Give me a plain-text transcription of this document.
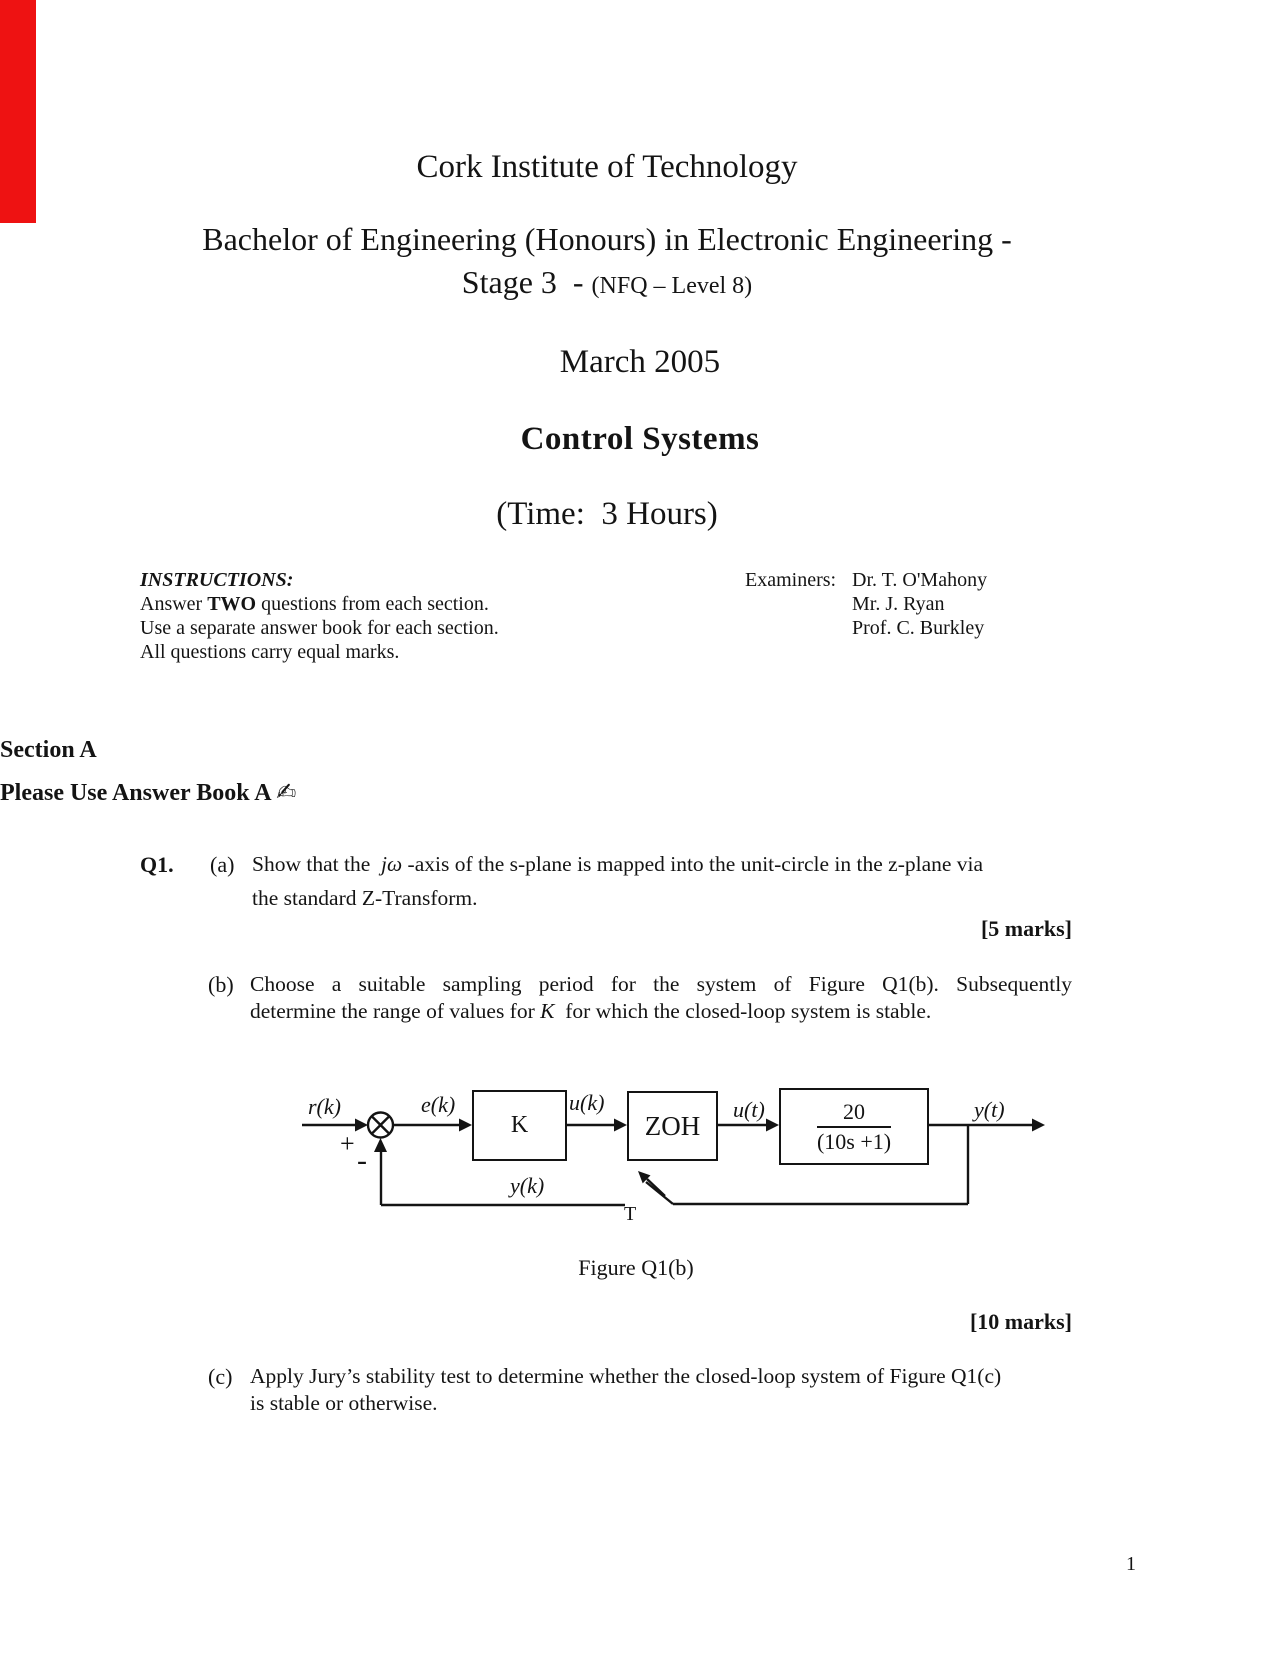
Cork Institute of Technology
Bachelor of Engineering (Honours) in Electronic Engineering -
Stage 3  - (NFQ – Level 8)
March 2005
Control Systems
(Time:  3 Hours)
INSTRUCTIONS:
Answer TWO questions from each section.
Use a separate answer book for each section.
All questions carry equal marks.
Examiners: Dr. T. O'Mahony
Mr. J. Ryan
Prof. C. Burkley
Section A
Please Use Answer Book A ✍
Q1. (a) Show that the  jω -axis of the s-plane is mapped into the unit-circle in the z-plane via
the standard Z-Transform.
[5 marks]
(b) Choose a suitable sampling period for the system of Figure Q1(b). Subsequently
determine the range of values for K  for which the closed-loop system is stable.
K	ZOH	$\frac{20}{(10s +1)}$
r(k)
+
-
e(k)	u(k)	u(t)	y(t)
y(k)
T
Figure Q1(b)
[10 marks]
(c) Apply Jury’s stability test to determine whether the closed-loop system of Figure Q1(c)
is stable or otherwise.
1
